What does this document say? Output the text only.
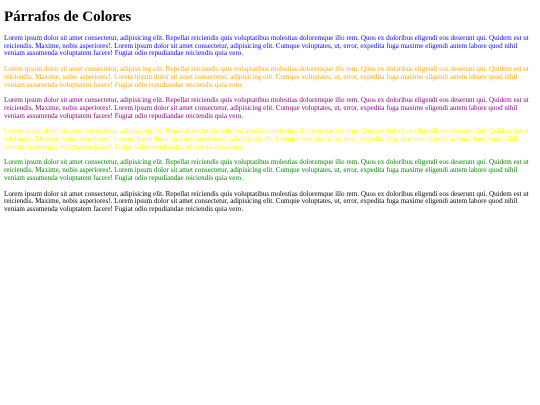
Párrafos de Colores

Lorem ipsum dolor sit amet consectetur, adipisicing elit. Repellat reiciendis quis voluptatibus molestias doloremque illo rem. Quos ex doloribus eligendi eos deserunt qui. Quidem est ut reiciendis. Maxime, nobis asperiores!. Lorem ipsum dolor sit amet consectetur, adipisicing elit. Cumque voluptates, ut, error, expedita fuga maxime eligendi autem labore quod nihil veniam assumenda voluptatem facere! Fugiat odio repudiandae reiciendis quia vero.

Lorem ipsum dolor sit amet consectetur, adipisicing elit. Repellat reiciendis quis voluptatibus molestias doloremque illo rem. Quos ex doloribus eligendi eos deserunt qui. Quidem est ut reiciendis. Maxime, nobis asperiores!. Lorem ipsum dolor sit amet consectetur, adipisicing elit. Cumque voluptates, ut, error, expedita fuga maxime eligendi autem labore quod nihil veniam assumenda voluptatem facere! Fugiat odio repudiandae reiciendis quia vero.

Lorem ipsum dolor sit amet consectetur, adipisicing elit. Repellat reiciendis quis voluptatibus molestias doloremque illo rem. Quos ex doloribus eligendi eos deserunt qui. Quidem est ut reiciendis. Maxime, nobis asperiores!. Lorem ipsum dolor sit amet consectetur, adipisicing elit. Cumque voluptates, ut, error, expedita fuga maxime eligendi autem labore quod nihil veniam assumenda voluptatem facere! Fugiat odio repudiandae reiciendis quia vero.

Lorem ipsum dolor sit amet consectetur, adipisicing elit. Repellat reiciendis quis voluptatibus molestias doloremque illo rem. Quos ex doloribus eligendi eos deserunt qui. Quidem est ut reiciendis. Maxime, nobis asperiores!. Lorem ipsum dolor sit amet consectetur, adipisicing elit. Cumque voluptates, ut, error, expedita fuga maxime eligendi autem labore quod nihil veniam assumenda voluptatem facere! Fugiat odio repudiandae reiciendis quia vero.

Lorem ipsum dolor sit amet consectetur, adipisicing elit. Repellat reiciendis quis voluptatibus molestias doloremque illo rem. Quos ex doloribus eligendi eos deserunt qui. Quidem est ut reiciendis. Maxime, nobis asperiores!. Lorem ipsum dolor sit amet consectetur, adipisicing elit. Cumque voluptates, ut, error, expedita fuga maxime eligendi autem labore quod nihil veniam assumenda voluptatem facere! Fugiat odio repudiandae reiciendis quia vero.

Lorem ipsum dolor sit amet consectetur, adipisicing elit. Repellat reiciendis quis voluptatibus molestias doloremque illo rem. Quos ex doloribus eligendi eos deserunt qui. Quidem est ut reiciendis. Maxime, nobis asperiores!. Lorem ipsum dolor sit amet consectetur, adipisicing elit. Cumque voluptates, ut, error, expedita fuga maxime eligendi autem labore quod nihil veniam assumenda voluptatem facere! Fugiat odio repudiandae reiciendis quia vero.
